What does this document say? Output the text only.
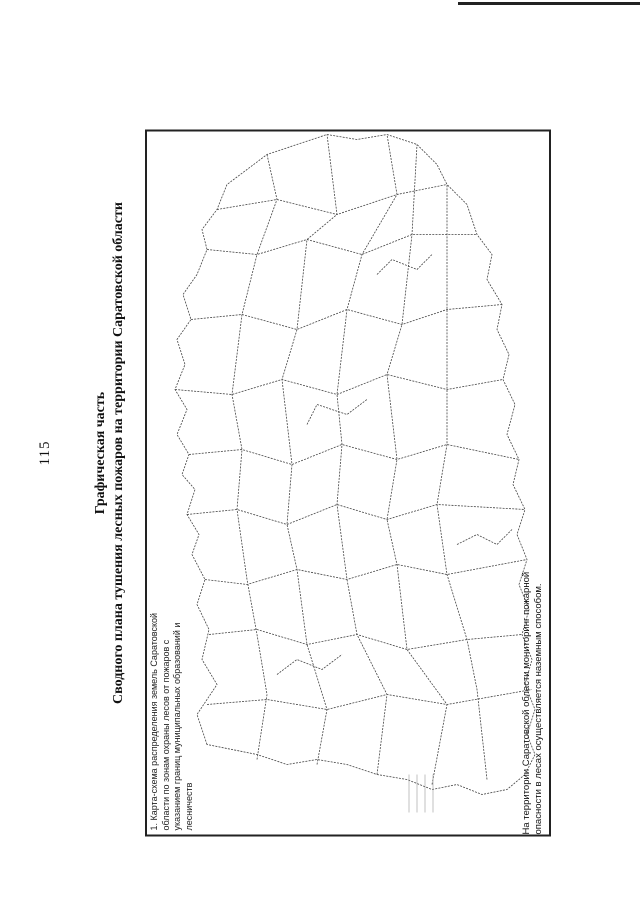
115	Графическая часть Сводного плана тушения лесных пожаров на территории Саратовской области
1. Карта-схема распределения земель Саратовской области по зонам охраны лесов от пожаров с указанием границ муниципальных образований и лесничеств	На территории Саратовской области мониторинг пожарной опасности в лесах осуществляется наземным способом.
